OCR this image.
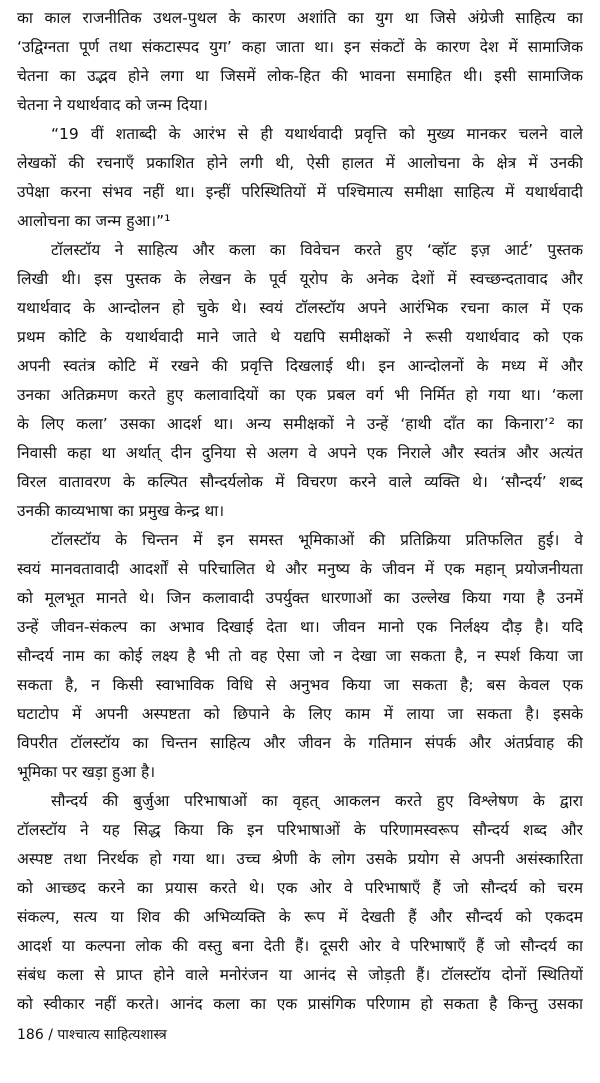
का काल राजनीतिक उथल-पुथल के कारण अशांति का युग था जिसे अंग्रेजी साहित्य का
‘उद्विग्नता पूर्ण तथा संकटास्पद युग’ कहा जाता था। इन संकटों के कारण देश में सामाजिक
चेतना का उद्भव होने लगा था जिसमें लोक-हित की भावना समाहित थी। इसी सामाजिक
चेतना ने यथार्थवाद को जन्म दिया।
“19 वीं शताब्दी के आरंभ से ही यथार्थवादी प्रवृत्ति को मुख्य मानकर चलने वाले
लेखकों की रचनाएँ प्रकाशित होने लगी थी, ऐसी हालत में आलोचना के क्षेत्र में उनकी
उपेक्षा करना संभव नहीं था। इन्हीं परिस्थितियों में पश्चिमात्य समीक्षा साहित्य में यथार्थवादी
आलोचना का जन्म हुआ।”¹
टॉलस्टॉय ने साहित्य और कला का विवेचन करते हुए ‘व्हॉट इज़ आर्ट’ पुस्तक
लिखी थी। इस पुस्तक के लेखन के पूर्व यूरोप के अनेक देशों में स्वच्छन्दतावाद और
यथार्थवाद के आन्दोलन हो चुके थे। स्वयं टॉलस्टॉय अपने आरंभिक रचना काल में एक
प्रथम कोटि के यथार्थवादी माने जाते थे यद्यपि समीक्षकों ने रूसी यथार्थवाद को एक
अपनी स्वतंत्र कोटि में रखने की प्रवृत्ति दिखलाई थी। इन आन्दोलनों के मध्य में और
उनका अतिक्रमण करते हुए कलावादियों का एक प्रबल वर्ग भी निर्मित हो गया था। ‘कला
के लिए कला’ उसका आदर्श था। अन्य समीक्षकों ने उन्हें ‘हाथी दाँत का किनारा’² का
निवासी कहा था अर्थात् दीन दुनिया से अलग वे अपने एक निराले और स्वतंत्र और अत्यंत
विरल वातावरण के कल्पित सौन्दर्यलोक में विचरण करने वाले व्यक्ति थे। ‘सौन्दर्य’ शब्द
उनकी काव्यभाषा का प्रमुख केन्द्र था।
टॉलस्टॉय के चिन्तन में इन समस्त भूमिकाओं की प्रतिक्रिया प्रतिफलित हुई। वे
स्वयं मानवतावादी आदर्शों से परिचालित थे और मनुष्य के जीवन में एक महान् प्रयोजनीयता
को मूलभूत मानते थे। जिन कलावादी उपर्युक्त धारणाओं का उल्लेख किया गया है उनमें
उन्हें जीवन-संकल्प का अभाव दिखाई देता था। जीवन मानो एक निर्लक्ष्य दौड़ है। यदि
सौन्दर्य नाम का कोई लक्ष्य है भी तो वह ऐसा जो न देखा जा सकता है, न स्पर्श किया जा
सकता है, न किसी स्वाभाविक विधि से अनुभव किया जा सकता है; बस केवल एक
घटाटोप में अपनी अस्पष्टता को छिपाने के लिए काम में लाया जा सकता है। इसके
विपरीत टॉलस्टॉय का चिन्तन साहित्य और जीवन के गतिमान संपर्क और अंतर्प्रवाह की
भूमिका पर खड़ा हुआ है।
सौन्दर्य की बुर्जुआ परिभाषाओं का वृहत् आकलन करते हुए विश्लेषण के द्वारा
टॉलस्टॉय ने यह सिद्ध किया कि इन परिभाषाओं के परिणामस्वरूप सौन्दर्य शब्द और
अस्पष्ट तथा निरर्थक हो गया था। उच्च श्रेणी के लोग उसके प्रयोग से अपनी असंस्कारिता
को आच्छद करने का प्रयास करते थे। एक ओर वे परिभाषाएँ हैं जो सौन्दर्य को चरम
संकल्प, सत्य या शिव की अभिव्यक्ति के रूप में देखती हैं और सौन्दर्य को एकदम
आदर्श या कल्पना लोक की वस्तु बना देती हैं। दूसरी ओर वे परिभाषाएँ हैं जो सौन्दर्य का
संबंध कला से प्राप्त होने वाले मनोरंजन या आनंद से जोड़ती हैं। टॉलस्टॉय दोनों स्थितियों
को स्वीकार नहीं करते। आनंद कला का एक प्रासंगिक परिणाम हो सकता है किन्तु उसका
186 / पाश्चात्य साहित्यशास्त्र
